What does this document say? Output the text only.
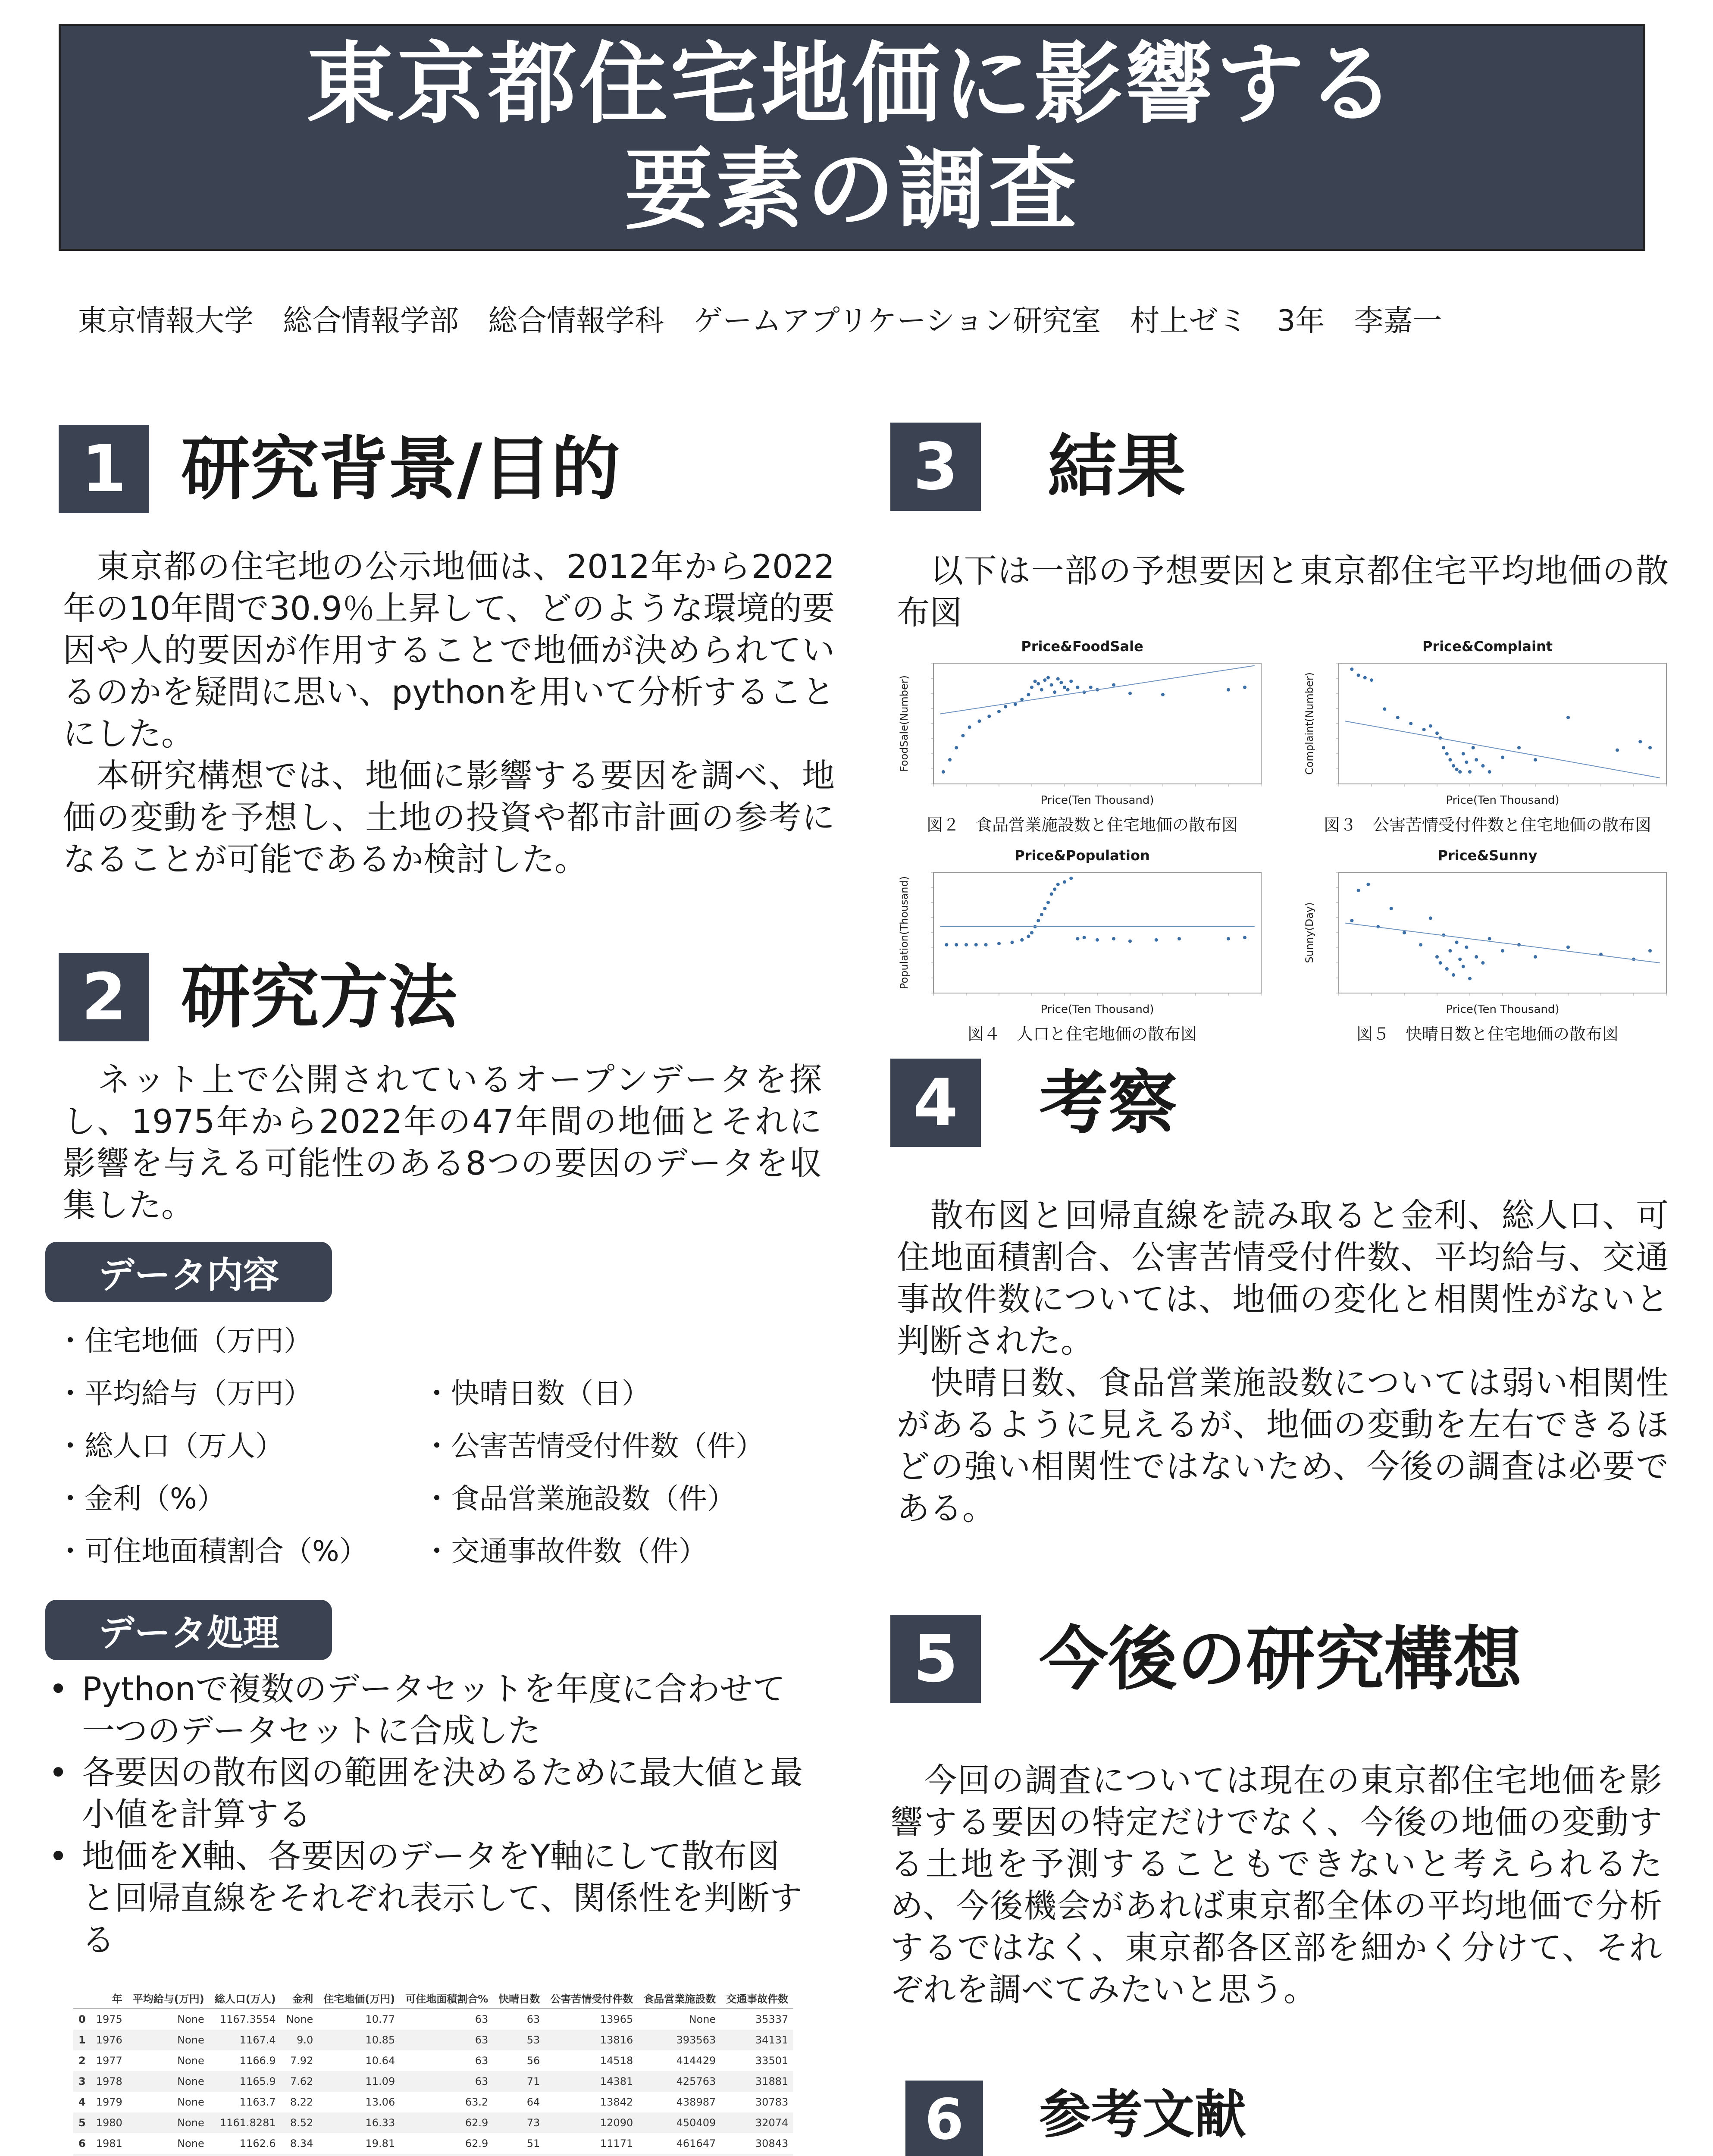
東京都住宅地価に影響する
要素の調査
東京情報大学　総合情報学部　総合情報学科　ゲームアプリケーション研究室　村上ゼミ　3年　李嘉一
1 研究背景/目的
　東京都の住宅地の公示地価は、2012年から2022年の10年間で30.9％上昇して、どのような環境的要因や人的要因が作用することで地価が決められているのかを疑問に思い、pythonを用いて分析することにした。
　本研究構想では、地価に影響する要因を調べ、地価の変動を予想し、土地の投資や都市計画の参考になることが可能であるか検討した。
2 研究方法
　ネット上で公開されているオープンデータを探し、1975年から2022年の47年間の地価とそれに影響を与える可能性のある8つの要因のデータを収集した。
データ内容
・住宅地価（万円）
・平均給与（万円）
・総人口（万人）
・金利（%）
・可住地面積割合（%）
・快晴日数（日）
・公害苦情受付件数（件）
・食品営業施設数（件）
・交通事故件数（件）
データ処理
• Pythonで複数のデータセットを年度に合わせて一つのデータセットに合成した
• 各要因の散布図の範囲を決めるために最大値と最小値を計算する
• 地価をX軸、各要因のデータをY軸にして散布図と回帰直線をそれぞれ表示して、関係性を判断する
	年	平均給与(万円)	総人口(万人)	金利	住宅地価(万円)	可住地面積割合%	快晴日数	公害苦情受付件数	食品営業施設数	交通事故件数
0	1975	None	1167.3554	None	10.77	63	63	13965	None	35337
1	1976	None	1167.4	9.0	10.85	63	53	13816	393563	34131
2	1977	None	1166.9	7.92	10.64	63	56	14518	414429	33501
3	1978	None	1165.9	7.62	11.09	63	71	14381	425763	31881
4	1979	None	1163.7	8.22	13.06	63.2	64	13842	438987	30783
5	1980	None	1161.8281	8.52	16.33	62.9	73	12090	450409	32074
6	1981	None	1162.6	8.34	19.81	62.9	51	11171	461647	30843

3	結果
　以下は一部の予想要因と東京都住宅平均地価の散布図
Price&FoodSale
Price(Ten Thousand)
FoodSale(Number)
図２　食品営業施設数と住宅地価の散布図
Price&Complaint
Price(Ten Thousand)
Complaint(Number)
図３　公害苦情受付件数と住宅地価の散布図
Price&Population
Price(Ten Thousand)
Population(Thousand)
図４　人口と住宅地価の散布図
Price&Sunny
Price(Ten Thousand)
Sunny(Day)
図５　快晴日数と住宅地価の散布図
4	考察
　散布図と回帰直線を読み取ると金利、総人口、可住地面積割合、公害苦情受付件数、平均給与、交通事故件数については、地価の変化と相関性がないと判断された。
　快晴日数、食品営業施設数については弱い相関性があるように見えるが、地価の変動を左右できるほどの強い相関性ではないため、今後の調査は必要である。
5	今後の研究構想
　今回の調査については現在の東京都住宅地価を影響する要因の特定だけでなく、今後の地価の変動する土地を予測することもできないと考えられるため、今後機会があれば東京都全体の平均地価で分析するではなく、東京都各区部を細かく分けて、それぞれを調べてみたいと思う。
6	参考文献
